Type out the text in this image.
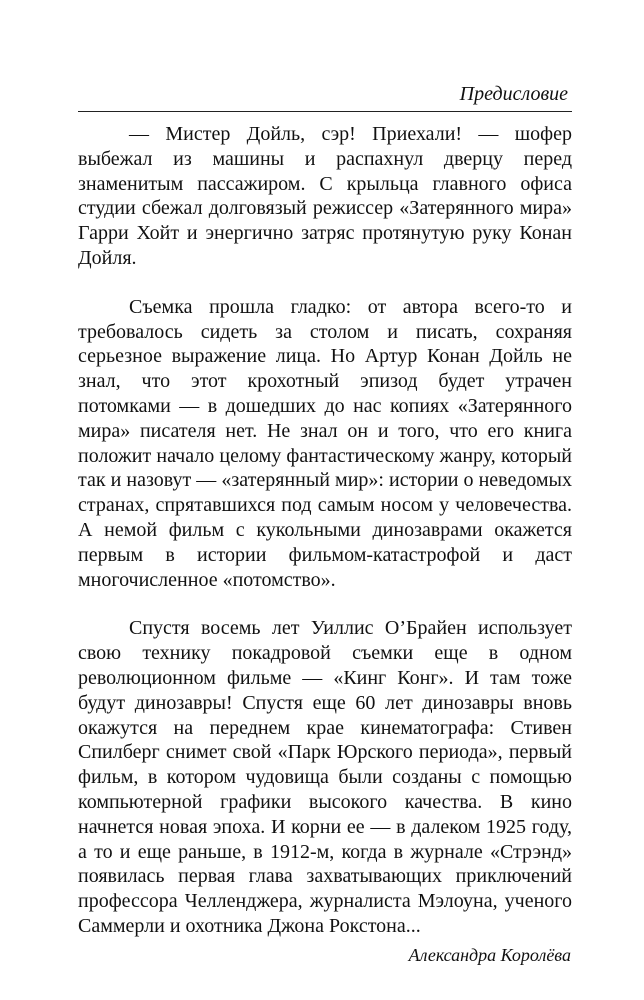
Предисловие

— Мистер Дойль, сэр! Приехали! — шофер выбежал из машины и распахнул дверцу перед знаменитым пассажиром. С крыльца главного офиса студии сбежал долговязый режиссер «Затерянного мира» Гарри Хойт и энергично затряс протянутую руку Конан Дойля.

Съемка прошла гладко: от автора всего-то и требовалось сидеть за столом и писать, сохраняя серьезное выражение лица. Но Артур Конан Дойль не знал, что этот крохотный эпизод будет утрачен потомками — в дошедших до нас копиях «Затерянного мира» писателя нет. Не знал он и того, что его книга положит начало целому фантастическому жанру, который так и назовут — «затерянный мир»: истории о неведомых странах, спрятавшихся под самым носом у человечества. А немой фильм с кукольными динозаврами окажется первым в истории фильмом-катастрофой и даст многочисленное «потомство».

Спустя восемь лет Уиллис О’Брайен использует свою технику покадровой съемки еще в одном революционном фильме — «Кинг Конг». И там тоже будут динозавры! Спустя еще 60 лет динозавры вновь окажутся на переднем крае кинематографа: Стивен Спилберг снимет свой «Парк Юрского периода», первый фильм, в котором чудовища были созданы с помощью компьютерной графики высокого качества. В кино начнется новая эпоха. И корни ее — в далеком 1925 году, а то и еще раньше, в 1912-м, когда в журнале «Стрэнд» появилась первая глава захватывающих приключений профессора Челленджера, журналиста Мэлоуна, ученого Саммерли и охотника Джона Рокстона...

Александра Королёва
